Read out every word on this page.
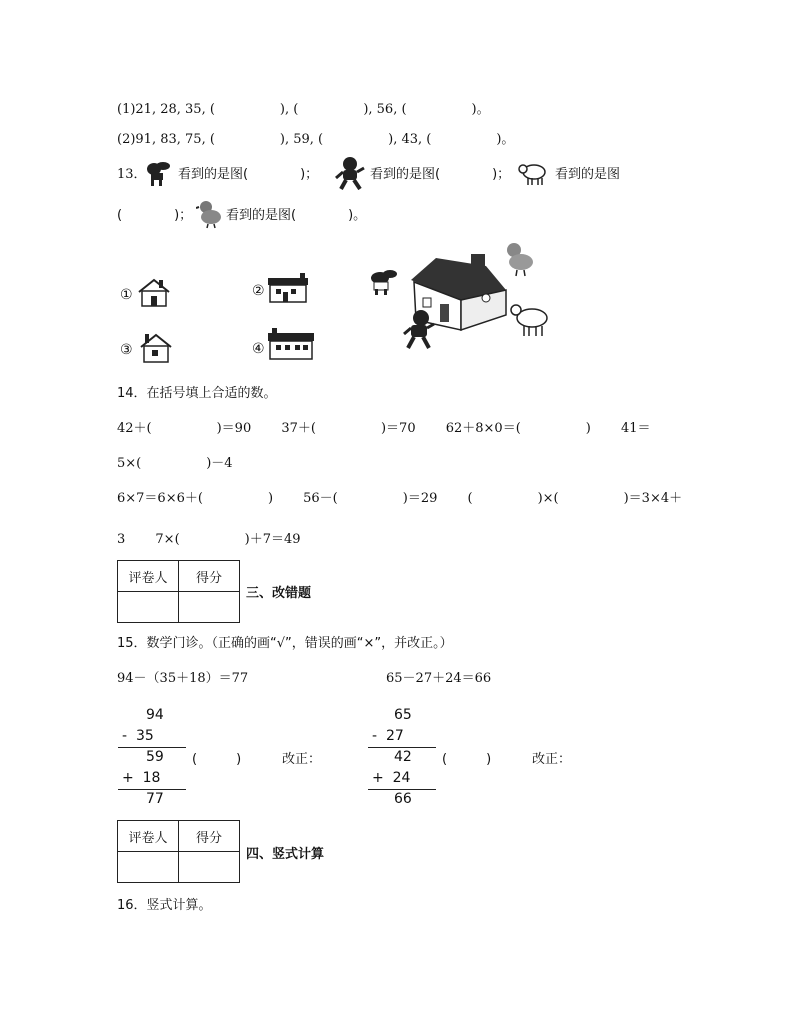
(1)21, 28, 35, (　　　　　), (　　　　　), 56, (　　　　　)。
(2)91, 83, 75, (　　　　　), 59, (　　　　　), 43, (　　　　　)。
13． 看到的是图(　　　　)；	看到的是图(　　　　)；	看到的是图
(　　　　)；	看到的是图(　　　　)。
①	②
③	④
14．在括号填上合适的数。
42＋(　　　　　)＝90　　 37＋(　　　　　)＝70　　 62＋8×0＝(　　　　　)　　 41＝
5×(　　　　　)－4
6×7＝6×6＋(　　　　　)　　 56－(　　　　　)＝29　　 (　　　　　)×(　　　　　)＝3×4＋
3　　 7×(　　　　　)＋7＝49
评卷人	得分

三、改错题
15．数学门诊。（正确的画“√”，错误的画“×”，并改正。）
94－（35＋18）＝77	65－27＋24＝66
94
-  35
59
+  18
77
(　　　)	改正：
65
-  27
42
+  24
66
(　　　)	改正：
评卷人	得分

四、竖式计算
16．竖式计算。
